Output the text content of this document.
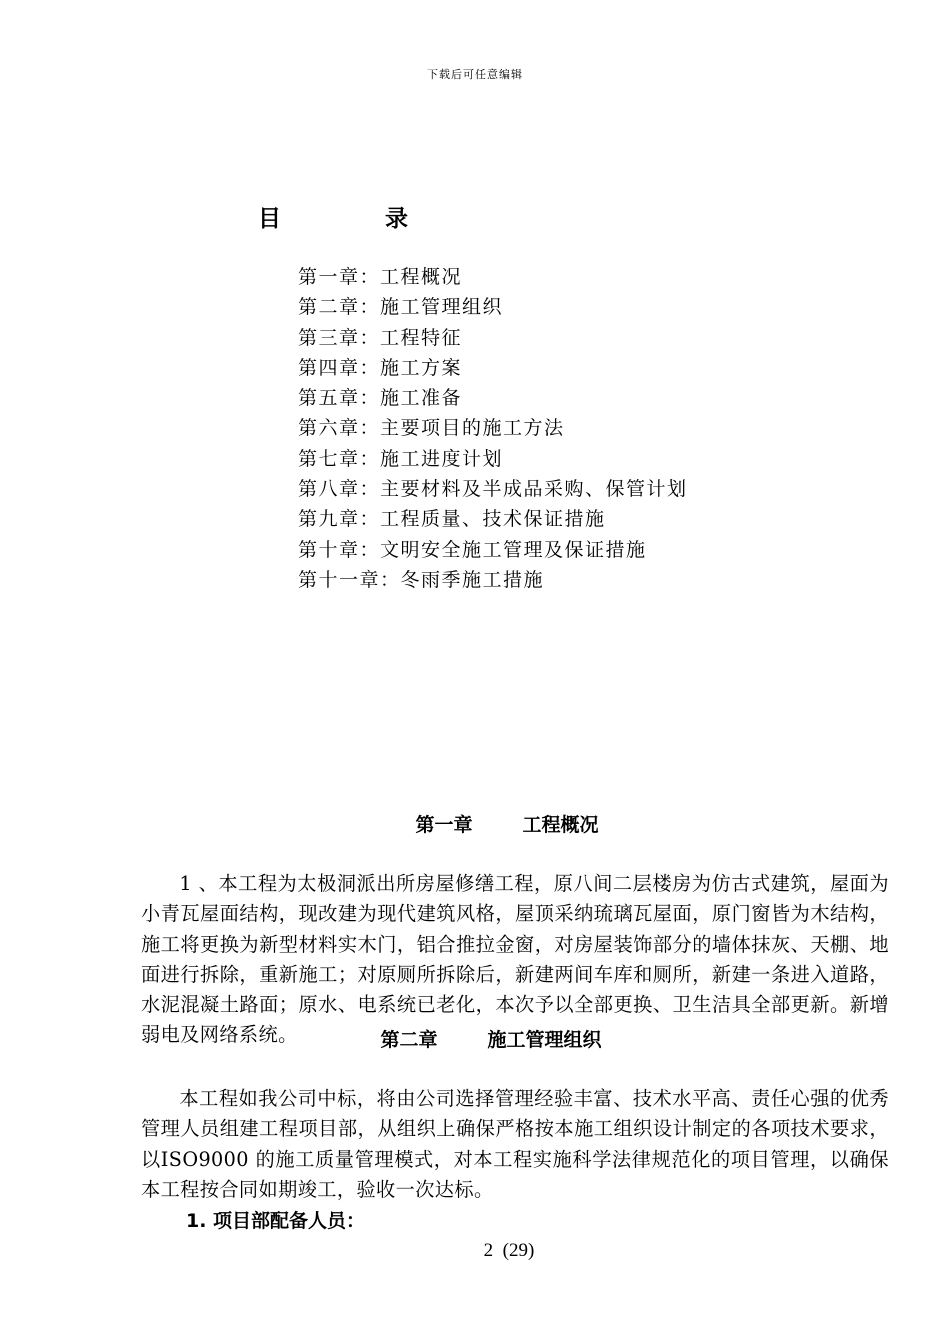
下载后可任意编辑
目	录
第一章：工程概况
第二章：施工管理组织
第三章：工程特征
第四章：施工方案
第五章：施工准备
第六章：主要项目的施工方法
第七章：施工进度计划
第八章：主要材料及半成品采购、保管计划
第九章：工程质量、技术保证措施
第十章：文明安全施工管理及保证措施
第十一章：冬雨季施工措施
第一章	工程概况

1 、本工程为太极洞派出所房屋修缮工程，原八间二层楼房为仿古式建筑，屋面为小青瓦屋面结构，现改建为现代建筑风格，屋顶采纳琉璃瓦屋面，原门窗皆为木结构，施工将更换为新型材料实木门，铝合推拉金窗，对房屋装饰部分的墙体抹灰、天棚、地面进行拆除，重新施工；对原厕所拆除后，新建两间车库和厕所，新建一条进入道路，水泥混凝土路面；原水、电系统已老化，本次予以全部更换、卫生洁具全部更新。新增弱电及网络系统。	第二章	施工管理组织

本工程如我公司中标，将由公司选择管理经验丰富、技术水平高、责任心强的优秀管理人员组建工程项目部，从组织上确保严格按本施工组织设计制定的各项技术要求，以ISO9000 的施工质量管理模式，对本工程实施科学法律规范化的项目管理，以确保本工程按合同如期竣工，验收一次达标。

1. 项目部配备人员：
2 (29)
